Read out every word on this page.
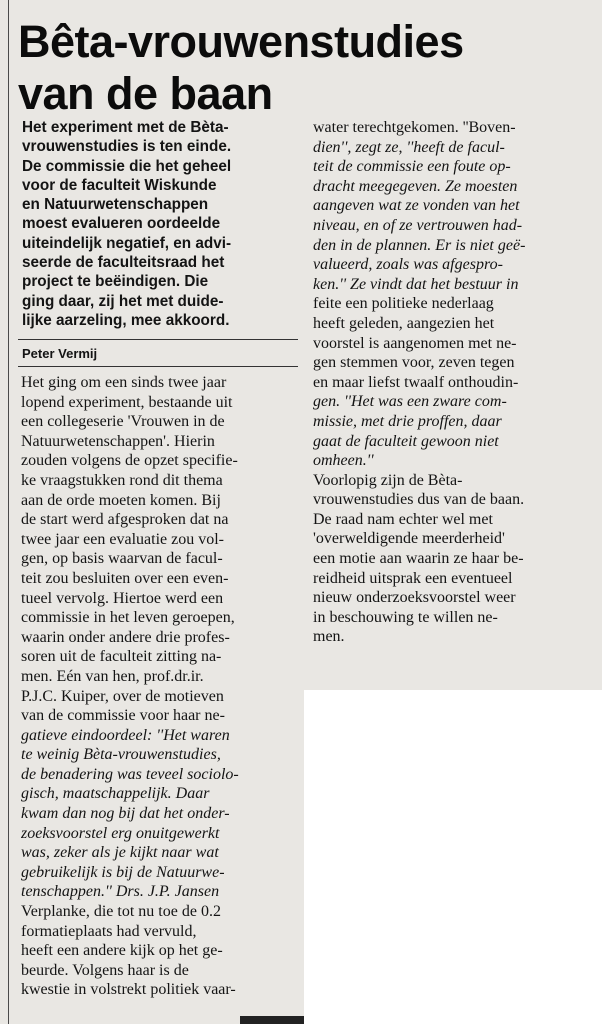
Bêta-vrouwenstudies
van de baan
Het experiment met de Bèta-
vrouwenstudies is ten einde.
De commissie die het geheel
voor de faculteit Wiskunde
en Natuurwetenschappen
moest evalueren oordeelde
uiteindelijk negatief, en advi-
seerde de faculteitsraad het
project te beëindigen. Die
ging daar, zij het met duide-
lijke aarzeling, mee akkoord.
Peter Vermij
Het ging om een sinds twee jaar
lopend experiment, bestaande uit
een collegeserie 'Vrouwen in de
Natuurwetenschappen'. Hierin
zouden volgens de opzet specifie-
ke vraagstukken rond dit thema
aan de orde moeten komen. Bij
de start werd afgesproken dat na
twee jaar een evaluatie zou vol-
gen, op basis waarvan de facul-
teit zou besluiten over een even-
tueel vervolg. Hiertoe werd een
commissie in het leven geroepen,
waarin onder andere drie profes-
soren uit de faculteit zitting na-
men. Eén van hen, prof.dr.ir.
P.J.C. Kuiper, over de motieven
van de commissie voor haar ne-
gatieve eindoordeel: ''Het waren
te weinig Bèta-vrouwenstudies,
de benadering was teveel sociolo-
gisch, maatschappelijk. Daar
kwam dan nog bij dat het onder-
zoeksvoorstel erg onuitgewerkt
was, zeker als je kijkt naar wat
gebruikelijk is bij de Natuurwe-
tenschappen.'' Drs. J.P. Jansen
Verplanke, die tot nu toe de 0.2
formatieplaats had vervuld,
heeft een andere kijk op het ge-
beurde. Volgens haar is de
kwestie in volstrekt politiek vaar-
water terechtgekomen. ''Boven-
dien'', zegt ze, ''heeft de facul-
teit de commissie een foute op-
dracht meegegeven. Ze moesten
aangeven wat ze vonden van het
niveau, en of ze vertrouwen had-
den in de plannen. Er is niet geë-
valueerd, zoals was afgespro-
ken.'' Ze vindt dat het bestuur in
feite een politieke nederlaag
heeft geleden, aangezien het
voorstel is aangenomen met ne-
gen stemmen voor, zeven tegen
en maar liefst twaalf onthoudin-
gen. ''Het was een zware com-
missie, met drie proffen, daar
gaat de faculteit gewoon niet
omheen.''
Voorlopig zijn de Bèta-
vrouwenstudies dus van de baan.
De raad nam echter wel met
'overweldigende meerderheid'
een motie aan waarin ze haar be-
reidheid uitsprak een eventueel
nieuw onderzoeksvoorstel weer
in beschouwing te willen ne-
men.
